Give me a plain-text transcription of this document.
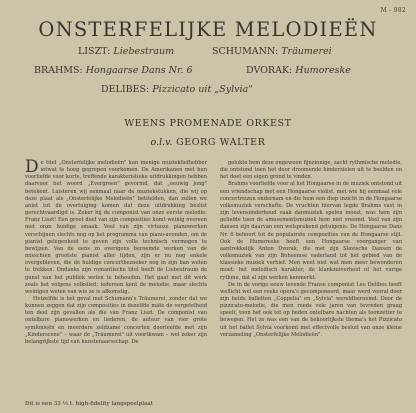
M - 982
ONSTERFELIJKE MELODIEËN
LISZT: Liebestraum	SCHUMANN: Träumerei
BRAHMS: Hongaarse Dans Nr. 6	DVORAK: Humoreske
DELIBES: Pizzicato uit „Sylvia"
WEENS PROMENADE ORKEST
o.l.v. GEORG WALTER

De titel „Onsterfelijke melodieën" kan menige muziekliefhebber ietwat te hoog gegrepen voorkomen. De Amerikanen met hun voorliefde voor korte, treffende karakteristieke uitdrukkingen hebben daarvoor het woord „Evergreen" gevormd, dat „eeuwig jong" betekent. Luisteren wij eenmaal naar de muziekstukken, die wij op deze plaat als „Onsterfelijke Melodieën" betitelden, dan zullen we aniet tot de overtuiging komen dat deze uitdrukking beslist gerechtvaardigd is. Zeker bij de componist van onze eerste melodie: Franz Liszt! Een groot deel van zijn composities komt weinig overeen met onze huidige smaak. Veel van zijn virtuoze pianowerken verschijnen slechts nog op het programma van piano-avonden, om de pianist gelegenheid te geven zijn volle technisch vermogen te bewijzen. Van de eens zo overigens beroemde werken van de misschien grootste pianist aller tijden, zijn er nu nog enkele overgebleven, die de huidige concertbezoeker nog in zijn ban weten te trekken. Ondanks zijn romantische titel heeft de Liebestraum de gunst van het publiek weten te behouden. Het gaat met dit werk zoals het volgens volkslied: iedereen kent de melodie, maar slechts weinigen weten van wie ze is afkomstig.

Hetzelfde is het geval met Schumann's Träumerei, zonder dat we kunnen zeggen dat zijn composities in dezelfde mate de vergetelheid ten deel zijn gevallen als die van Franz Liszt. De componist van ontelbare pianowerken en liederen, de auteur van vier grote symfonieën en meerdere zeldzame concerten doorleefde met zijn „Kinderscene" – waar de „Träumerei" uit voortkwam – wel zeker zijn belangrijkste tijd van kunstenaarsschap. De

gelukte hem deze ongewoon fijnzinnige, zacht rythmische melodie, die ontstond toen het door droomende kinderzielen uit te beelden en het doet een eigen grond te vinden.

Brahms voorliefde voor al het Hongaarse in de muziek ontstond uit een vriendschap met een Hongaarse violist, met wie hij eenmaal vele concertreizen ondernam en die hem een diep inzicht in de Hongaarse volksmuziek verschafte. De vruchten hiervan legde Brahms vast in zijn levensonderhoud vaak danmuziek spelen moest, was hem zijn geliefde toen de amusementsmuziek hem niet vreemd. Veel van zijn dansen zijn daarvan een welsprekend getuigenis. De Hongaarse Dans Nr. 6 behoort tot de populairste composities van de Hongaarse stijl. Ook de Humoreske heeft een Hongaarse voorganger van aantrekkelijk Anton Dvorak, die met zijn Slavische Dansen de volksmuziek van zijn Boheemse vaderland tot het gebied van de klassieke muziek verhief. Men weet niet wat men meer bewonderen moet: het melodisch karakter, de klankzuiverheid of het vurige rythme, dat al zijn werken kenmerkt.

De in de vorige eeuw levende Franse componist Leo Delibes heeft wellicht wel een reeks opera's gecomponeerd, maar werd vooral door zijn beide balletten „Coppelia" en „Sylvia" wereldberoemd. Door de pizzicato-melodie, die men reeds vele jaren van tevreden graag speelt, toon het ook tot op heden ontelbare nachten als toonzetter te bewegen. Het zo was een van de bekoorlijkste thema's het Pizzicato uit het ballet Sylvia voorkomt met effectvolle besluit van onze kleine verzameling „Onsterfelijke Melodieën".

Dit is een 33 ⅓ t. high-fidelity langspeelplaat
